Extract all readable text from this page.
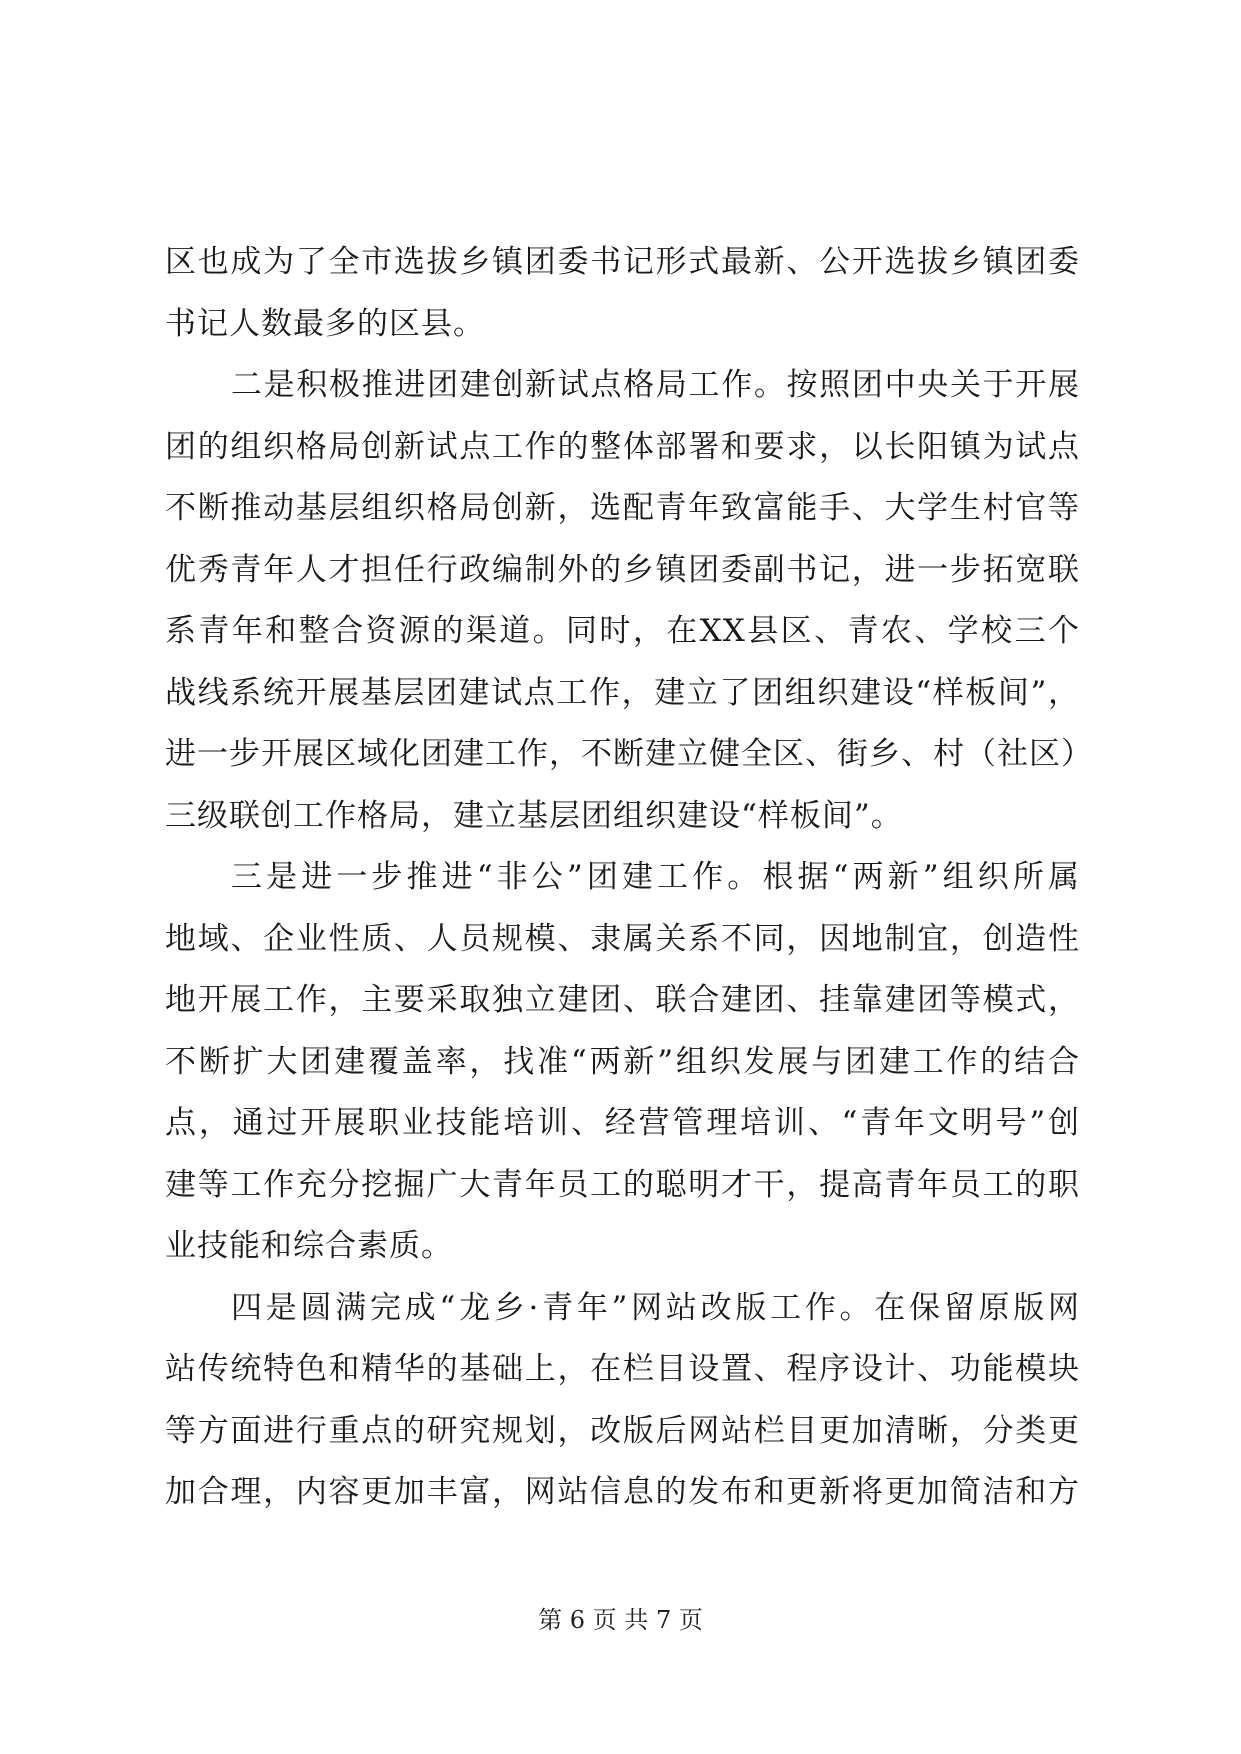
区也成为了全市选拔乡镇团委书记形式最新、公开选拔乡镇团委
书记人数最多的区县。
二是积极推进团建创新试点格局工作。按照团中央关于开展
团的组织格局创新试点工作的整体部署和要求，以长阳镇为试点
不断推动基层组织格局创新，选配青年致富能手、大学生村官等
优秀青年人才担任行政编制外的乡镇团委副书记，进一步拓宽联
系青年和整合资源的渠道。同时，在XX县区、青农、学校三个
战线系统开展基层团建试点工作，建立了团组织建设“样板间”，
进一步开展区域化团建工作，不断建立健全区、街乡、村（社区）
三级联创工作格局，建立基层团组织建设“样板间”。
三是进一步推进“非公”团建工作。根据“两新”组织所属
地域、企业性质、人员规模、隶属关系不同，因地制宜，创造性
地开展工作，主要采取独立建团、联合建团、挂靠建团等模式，
不断扩大团建覆盖率，找准“两新”组织发展与团建工作的结合
点，通过开展职业技能培训、经营管理培训、“青年文明号”创
建等工作充分挖掘广大青年员工的聪明才干，提高青年员工的职
业技能和综合素质。
四是圆满完成“龙乡·青年”网站改版工作。在保留原版网
站传统特色和精华的基础上，在栏目设置、程序设计、功能模块
等方面进行重点的研究规划，改版后网站栏目更加清晰，分类更
加合理，内容更加丰富，网站信息的发布和更新将更加简洁和方
第 6 页 共 7 页
